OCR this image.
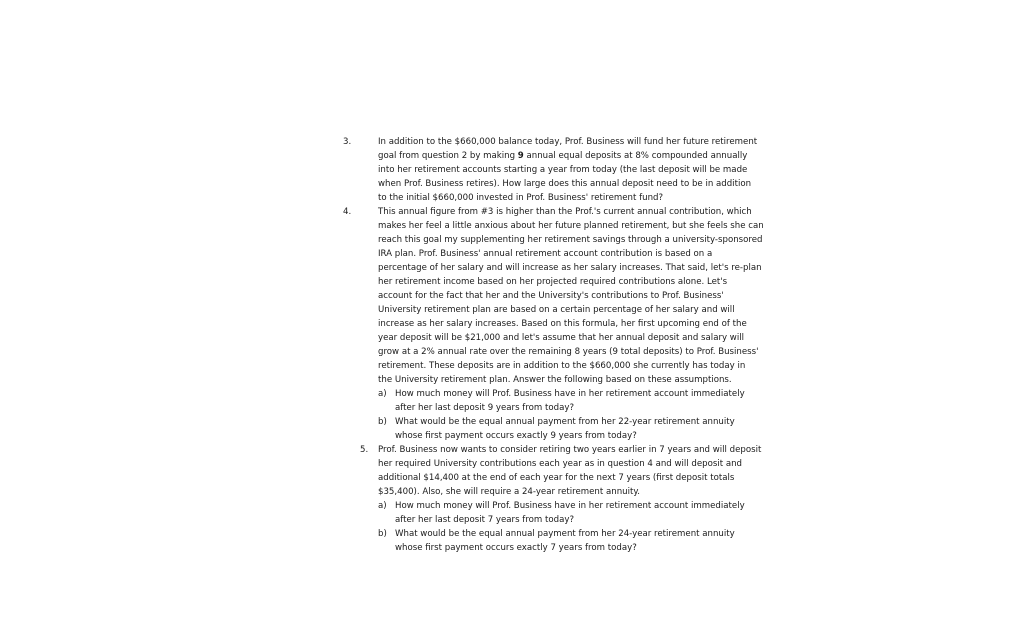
3.	In addition to the $660,000 balance today, Prof. Business will fund her future retirement
goal from question 2 by making 9 annual equal deposits at 8% compounded annually
into her retirement accounts starting a year from today (the last deposit will be made
when Prof. Business retires). How large does this annual deposit need to be in addition
to the initial $660,000 invested in Prof. Business' retirement fund?
4.	This annual figure from #3 is higher than the Prof.'s current annual contribution, which
makes her feel a little anxious about her future planned retirement, but she feels she can
reach this goal my supplementing her retirement savings through a university-sponsored
IRA plan. Prof. Business' annual retirement account contribution is based on a
percentage of her salary and will increase as her salary increases. That said, let's re-plan
her retirement income based on her projected required contributions alone. Let's
account for the fact that her and the University's contributions to Prof. Business'
University retirement plan are based on a certain percentage of her salary and will
increase as her salary increases. Based on this formula, her first upcoming end of the
year deposit will be $21,000 and let's assume that her annual deposit and salary will
grow at a 2% annual rate over the remaining 8 years (9 total deposits) to Prof. Business'
retirement. These deposits are in addition to the $660,000 she currently has today in
the University retirement plan. Answer the following based on these assumptions.
a) How much money will Prof. Business have in her retirement account immediately
after her last deposit 9 years from today?
b) What would be the equal annual payment from her 22-year retirement annuity
whose first payment occurs exactly 9 years from today?
5. Prof. Business now wants to consider retiring two years earlier in 7 years and will deposit
her required University contributions each year as in question 4 and will deposit and
additional $14,400 at the end of each year for the next 7 years (first deposit totals
$35,400). Also, she will require a 24-year retirement annuity.
a) How much money will Prof. Business have in her retirement account immediately
after her last deposit 7 years from today?
b) What would be the equal annual payment from her 24-year retirement annuity
whose first payment occurs exactly 7 years from today?
